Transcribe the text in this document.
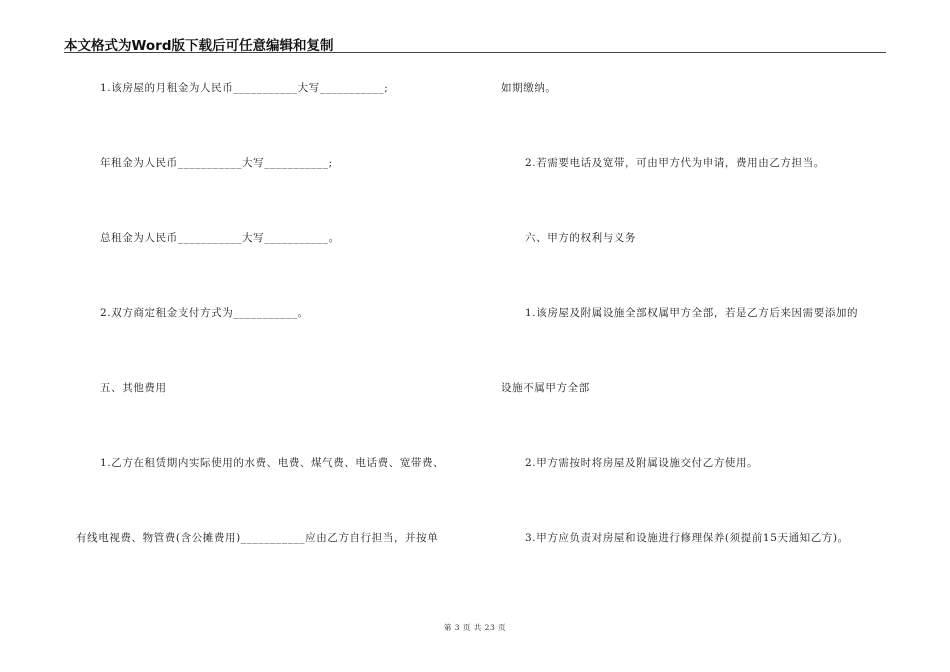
本文格式为Word版下载后可任意编辑和复制
1.该房屋的月租金为人民币___________大写___________;
年租金为人民币___________大写___________;
总租金为人民币___________大写___________。
2.双方商定租金支付方式为___________。
五、其他费用
1.乙方在租赁期内实际使用的水费、电费、煤气费、电话费、宽带费、
有线电视费、物管费(含公摊费用)___________应由乙方自行担当，并按单
如期缴纳。
2.若需要电话及宽带，可由甲方代为申请，费用由乙方担当。
六、甲方的权利与义务
1.该房屋及附属设施全部权属甲方全部，若是乙方后来因需要添加的
设施不属甲方全部
2.甲方需按时将房屋及附属设施交付乙方使用。
3.甲方应负责对房屋和设施进行修理保养(须提前15天通知乙方)。
第 3 页 共 23 页
